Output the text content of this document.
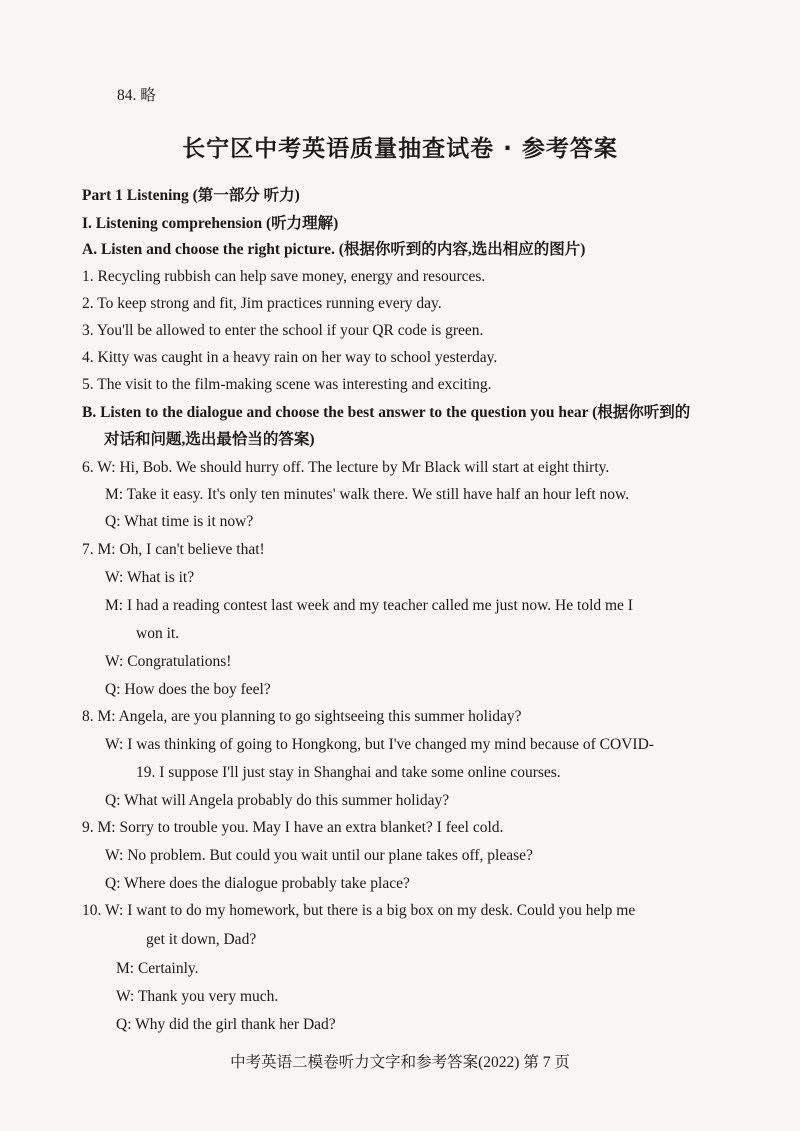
84. 略
长宁区中考英语质量抽查试卷 · 参考答案
Part 1 Listening (第一部分 听力)
I. Listening comprehension (听力理解)
A. Listen and choose the right picture. (根据你听到的内容,选出相应的图片)
1. Recycling rubbish can help save money, energy and resources.
2. To keep strong and fit, Jim practices running every day.
3. You'll be allowed to enter the school if your QR code is green.
4. Kitty was caught in a heavy rain on her way to school yesterday.
5. The visit to the film-making scene was interesting and exciting.
B. Listen to the dialogue and choose the best answer to the question you hear (根据你听到的
对话和问题,选出最恰当的答案)
6. W: Hi, Bob. We should hurry off. The lecture by Mr Black will start at eight thirty.
M: Take it easy. It's only ten minutes' walk there. We still have half an hour left now.
Q: What time is it now?
7. M: Oh, I can't believe that!
W: What is it?
M: I had a reading contest last week and my teacher called me just now. He told me I
won it.
W: Congratulations!
Q: How does the boy feel?
8. M: Angela, are you planning to go sightseeing this summer holiday?
W: I was thinking of going to Hongkong, but I've changed my mind because of COVID-
19. I suppose I'll just stay in Shanghai and take some online courses.
Q: What will Angela probably do this summer holiday?
9. M: Sorry to trouble you. May I have an extra blanket? I feel cold.
W: No problem. But could you wait until our plane takes off, please?
Q: Where does the dialogue probably take place?
10. W: I want to do my homework, but there is a big box on my desk. Could you help me
get it down, Dad?
M: Certainly.
W: Thank you very much.
Q: Why did the girl thank her Dad?
中考英语二模卷听力文字和参考答案(2022) 第 7 页
